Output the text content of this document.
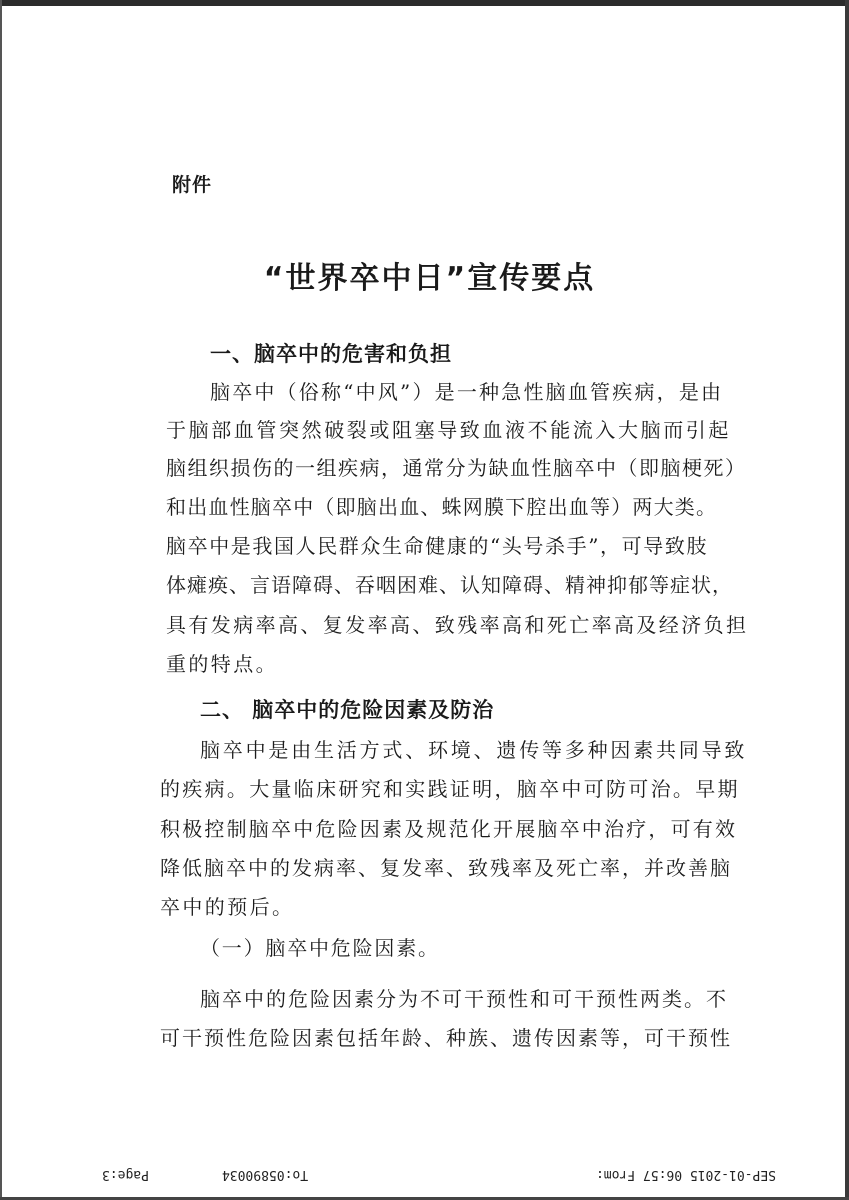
附件
“世界卒中日”宣传要点
一、脑卒中的危害和负担
脑卒中（俗称“中风”）是一种急性脑血管疾病，是由
于脑部血管突然破裂或阻塞导致血液不能流入大脑而引起
脑组织损伤的一组疾病，通常分为缺血性脑卒中（即脑梗死）
和出血性脑卒中（即脑出血、蛛网膜下腔出血等）两大类。
脑卒中是我国人民群众生命健康的“头号杀手”，可导致肢
体瘫痪、言语障碍、吞咽困难、认知障碍、精神抑郁等症状，
具有发病率高、复发率高、致残率高和死亡率高及经济负担
重的特点。
二、 脑卒中的危险因素及防治
脑卒中是由生活方式、环境、遗传等多种因素共同导致
的疾病。大量临床研究和实践证明，脑卒中可防可治。早期
积极控制脑卒中危险因素及规范化开展脑卒中治疗，可有效
降低脑卒中的发病率、复发率、致残率及死亡率，并改善脑
卒中的预后。
（一）脑卒中危险因素。
脑卒中的危险因素分为不可干预性和可干预性两类。不
可干预性危险因素包括年龄、种族、遗传因素等，可干预性
Page:3	To:05890034	SEP-01-2015 06:57 From:
